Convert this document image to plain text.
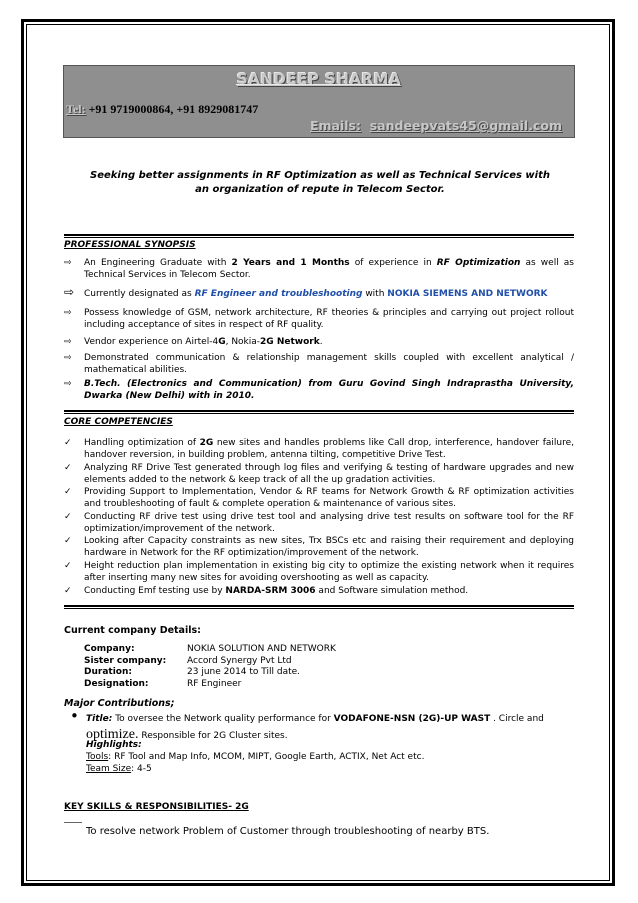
SANDEEP SHARMA
Tel: +91 9719000864, +91 8929081747
Emails: sandeepvats45@gmail.com
Seeking better assignments in RF Optimization as well as Technical Services with an organization of repute in Telecom Sector.
PROFESSIONAL SYNOPSIS
⇨	An Engineering Graduate with 2 Years and 1 Months of experience in RF Optimization as well as Technical Services in Telecom Sector.
⇨	Currently designated as RF Engineer and troubleshooting with NOKIA SIEMENS AND NETWORK
⇨	Possess knowledge of GSM, network architecture, RF theories & principles and carrying out project rollout including acceptance of sites in respect of RF quality.
⇨	Vendor experience on Airtel-4G, Nokia-2G Network.
⇨	Demonstrated communication & relationship management skills coupled with excellent analytical / mathematical abilities.
⇨	B.Tech. (Electronics and Communication) from Guru Govind Singh Indraprastha University, Dwarka (New Delhi) with in 2010.
CORE COMPETENCIES
✓	Handling optimization of 2G new sites and handles problems like Call drop, interference, handover failure, handover reversion, in building problem, antenna tilting, competitive Drive Test.
✓	Analyzing RF Drive Test generated through log files and verifying & testing of hardware upgrades and new elements added to the network & keep track of all the up gradation activities.
✓	Providing Support to Implementation, Vendor & RF teams for Network Growth & RF optimization activities and troubleshooting of fault & complete operation & maintenance of various sites.
✓	Conducting RF drive test using drive test tool and analysing drive test results on software tool for the RF optimization/improvement of the network.
✓	Looking after Capacity constraints as new sites, Trx BSCs etc and raising their requirement and deploying hardware in Network for the RF optimization/improvement of the network.
✓	Height reduction plan implementation in existing big city to optimize the existing network when it requires after inserting many new sites for avoiding overshooting as well as capacity.
✓	Conducting Emf testing use by NARDA-SRM 3006 and Software simulation method.
Current company Details:
Company:	NOKIA SOLUTION AND NETWORK
Sister company:	Accord Synergy Pvt Ltd
Duration:	23 june 2014 to Till date.
Designation:	RF Engineer
Major Contributions;
• Title: To oversee the Network quality performance for VODAFONE-NSN (2G)-UP WAST . Circle and
optimize. Responsible for 2G Cluster sites.
Highlights:
Tools: RF Tool and Map Info, MCOM, MIPT, Google Earth, ACTIX, Net Act etc.
Team Size: 4-5
KEY SKILLS & RESPONSIBILITIES- 2G
To resolve network Problem of Customer through troubleshooting of nearby BTS.
